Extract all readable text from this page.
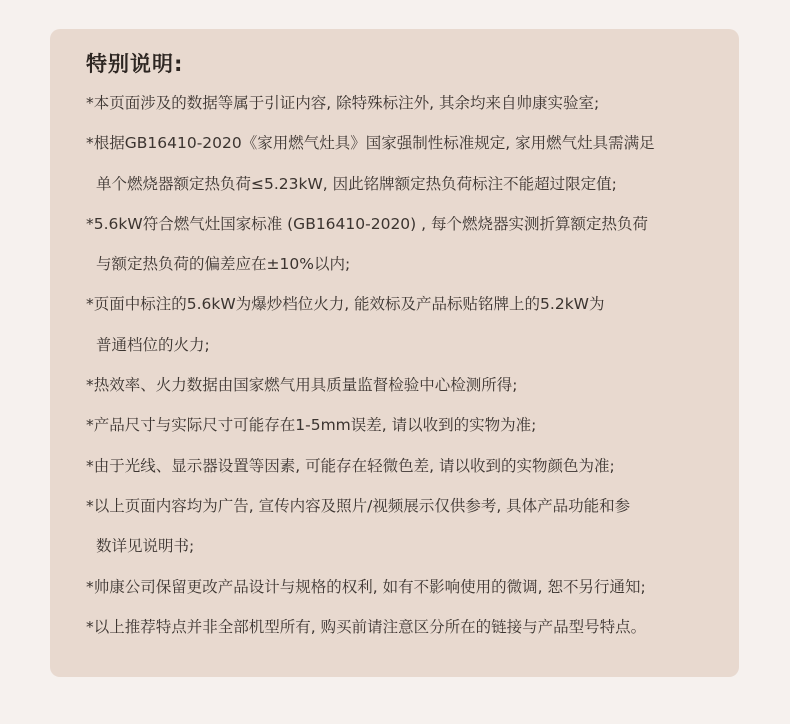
特别说明:
*本页面涉及的数据等属于引证内容, 除特殊标注外, 其余均来自帅康实验室;
*根据GB16410-2020《家用燃气灶具》国家强制性标准规定, 家用燃气灶具需满足
单个燃烧器额定热负荷≤5.23kW, 因此铭牌额定热负荷标注不能超过限定值;
*5.6kW符合燃气灶国家标准 (GB16410-2020) , 每个燃烧器实测折算额定热负荷
与额定热负荷的偏差应在±10%以内;
*页面中标注的5.6kW为爆炒档位火力, 能效标及产品标贴铭牌上的5.2kW为
普通档位的火力;
*热效率、火力数据由国家燃气用具质量监督检验中心检测所得;
*产品尺寸与实际尺寸可能存在1-5mm误差, 请以收到的实物为准;
*由于光线、显示器设置等因素, 可能存在轻微色差, 请以收到的实物颜色为准;
*以上页面内容均为广告, 宣传内容及照片/视频展示仅供参考, 具体产品功能和参
数详见说明书;
*帅康公司保留更改产品设计与规格的权利, 如有不影响使用的微调, 恕不另行通知;
*以上推荐特点并非全部机型所有, 购买前请注意区分所在的链接与产品型号特点。
